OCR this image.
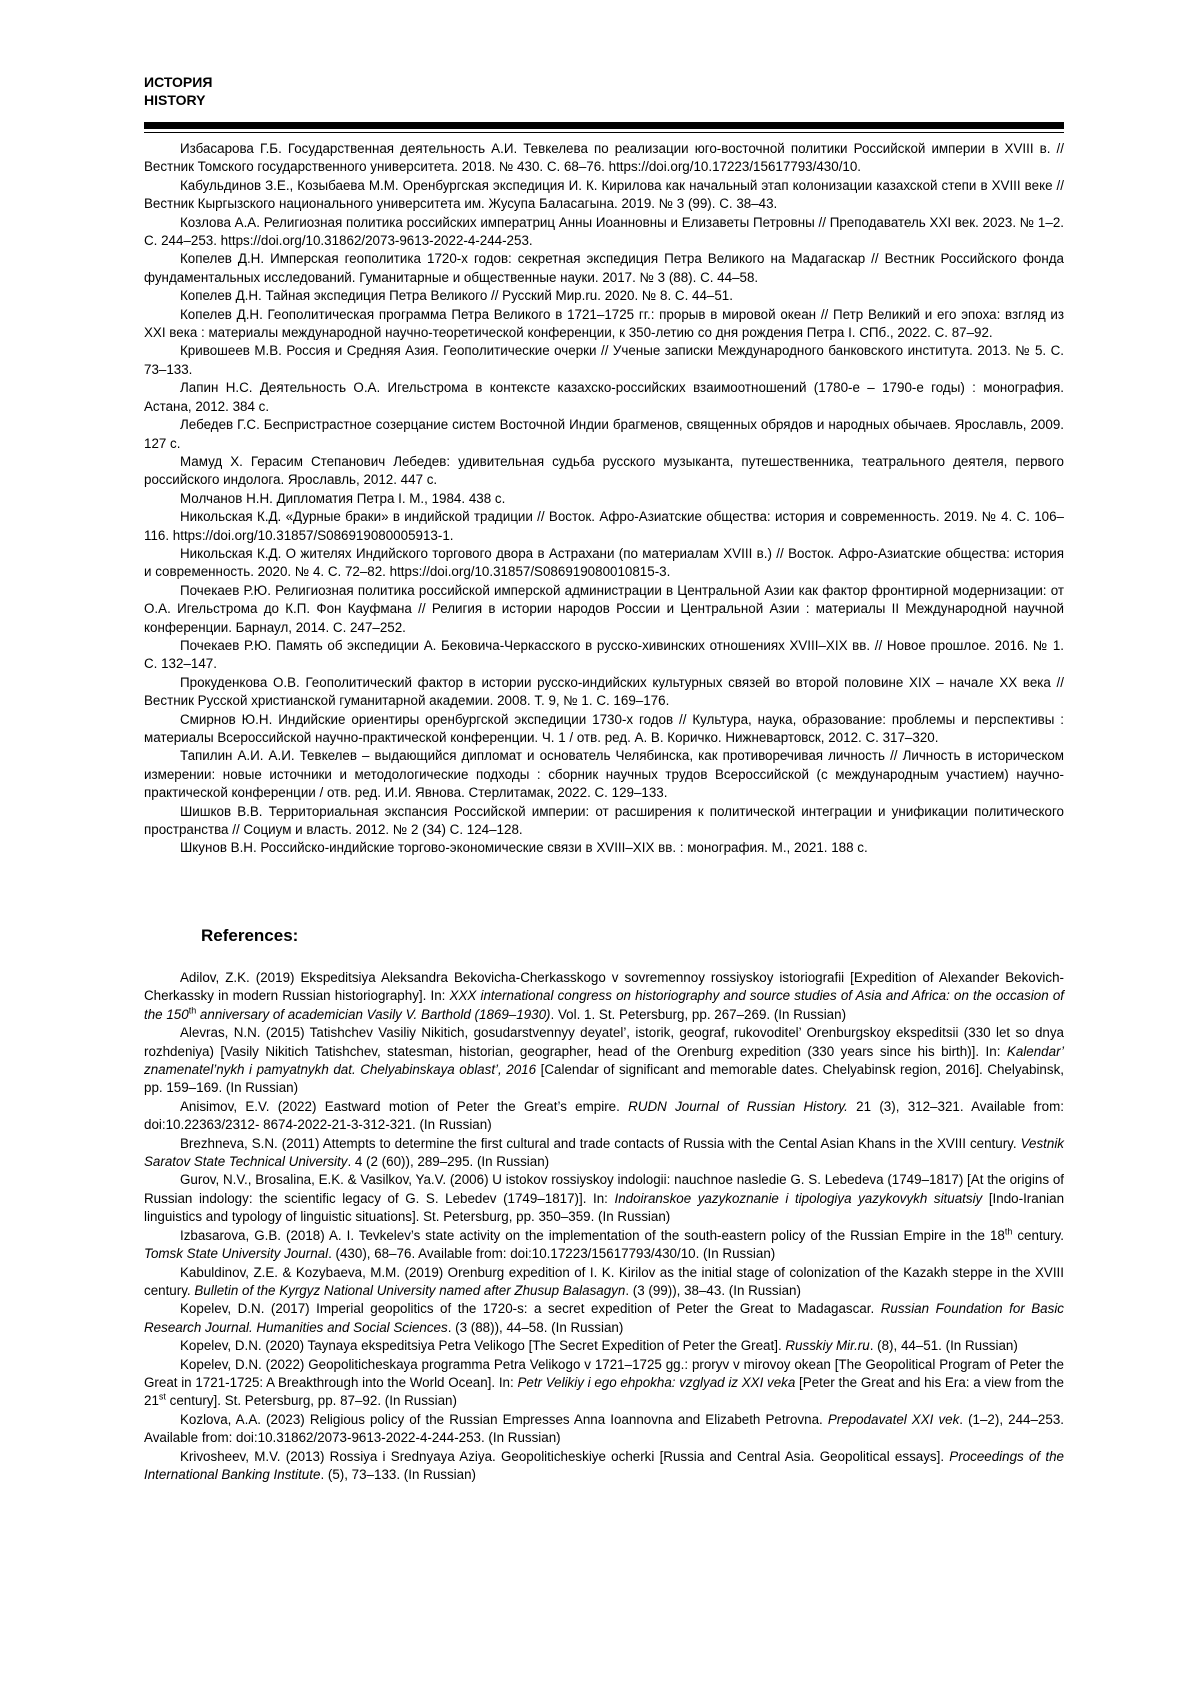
ИСТОРИЯ
HISTORY

Избасарова Г.Б. Государственная деятельность А.И. Тевкелева по реализации юго-восточной политики Российской империи в XVIII в. // Вестник Томского государственного университета. 2018. № 430. С. 68–76. https://doi.org/10.17223/15617793/430/10.

Кабульдинов З.Е., Козыбаева М.М. Оренбургская экспедиция И. К. Кирилова как начальный этап колонизации казахской степи в XVIII веке // Вестник Кыргызского национального университета им. Жусупа Баласагына. 2019. № 3 (99). С. 38–43.

Козлова А.А. Религиозная политика российских императриц Анны Иоанновны и Елизаветы Петровны // Преподаватель XXI век. 2023. № 1–2. С. 244–253. https://doi.org/10.31862/2073-9613-2022-4-244-253.

Копелев Д.Н. Имперская геополитика 1720-х годов: секретная экспедиция Петра Великого на Мадагаскар // Вестник Российского фонда фундаментальных исследований. Гуманитарные и общественные науки. 2017. № 3 (88). С. 44–58.

Копелев Д.Н. Тайная экспедиция Петра Великого // Русский Мир.ru. 2020. № 8. С. 44–51.

Копелев Д.Н. Геополитическая программа Петра Великого в 1721–1725 гг.: прорыв в мировой океан // Петр Великий и его эпоха: взгляд из XXI века : материалы международной научно-теоретической конференции, к 350-летию со дня рождения Петра I. СПб., 2022. С. 87–92.

Кривошеев М.В. Россия и Средняя Азия. Геополитические очерки // Ученые записки Международного банковского института. 2013. № 5. С. 73–133.

Лапин Н.С. Деятельность О.А. Игельстрома в контексте казахско-российских взаимоотношений (1780-е – 1790-е годы) : монография. Астана, 2012. 384 с.

Лебедев Г.С. Беспристрастное созерцание систем Восточной Индии брагменов, священных обрядов и народных обычаев. Ярославль, 2009. 127 с.

Мамуд Х. Герасим Степанович Лебедев: удивительная судьба русского музыканта, путешественника, театрального деятеля, первого российского индолога. Ярославль, 2012. 447 с.

Молчанов Н.Н. Дипломатия Петра I. М., 1984. 438 с.

Никольская К.Д. «Дурные браки» в индийской традиции // Восток. Афро-Азиатские общества: история и современность. 2019. № 4. С. 106–116. https://doi.org/10.31857/S086919080005913-1.

Никольская К.Д. О жителях Индийского торгового двора в Астрахани (по материалам XVIII в.) // Восток. Афро-Азиатские общества: история и современность. 2020. № 4. С. 72–82. https://doi.org/10.31857/S086919080010815-3.

Почекаев Р.Ю. Религиозная политика российской имперской администрации в Центральной Азии как фактор фронтирной модернизации: от О.А. Игельстрома до К.П. Фон Кауфмана // Религия в истории народов России и Центральной Азии : материалы II Международной научной конференции. Барнаул, 2014. С. 247–252.

Почекаев Р.Ю. Память об экспедиции А. Бековича-Черкасского в русско-хивинских отношениях XVIII–XIX вв. // Новое прошлое. 2016. № 1. С. 132–147.

Прокуденкова О.В. Геополитический фактор в истории русско-индийских культурных связей во второй половине XIX – начале XX века // Вестник Русской христианской гуманитарной академии. 2008. Т. 9, № 1. С. 169–176.

Смирнов Ю.Н. Индийские ориентиры оренбургской экспедиции 1730-х годов // Культура, наука, образование: проблемы и перспективы : материалы Всероссийской научно-практической конференции. Ч. 1 / отв. ред. А. В. Коричко. Нижневартовск, 2012. С. 317–320.

Тапилин А.И. А.И. Тевкелев – выдающийся дипломат и основатель Челябинска, как противоречивая личность // Личность в историческом измерении: новые источники и методологические подходы : сборник научных трудов Всероссийской (с международным участием) научно-практической конференции / отв. ред. И.И. Явнова. Стерлитамак, 2022. С. 129–133.

Шишков В.В. Территориальная экспансия Российской империи: от расширения к политической интеграции и унификации политического пространства // Социум и власть. 2012. № 2 (34) С. 124–128.

Шкунов В.Н. Российско-индийские торгово-экономические связи в XVIII–XIX вв. : монография. М., 2021. 188 с.

References:

Adilov, Z.K. (2019) Ekspeditsiya Aleksandra Bekovicha-Cherkasskogo v sovremennoy rossiyskoy istoriografii [Expedition of Alexander Bekovich-Cherkassky in modern Russian historiography]. In: XXX international congress on historiography and source studies of Asia and Africa: on the occasion of the 150th anniversary of academician Vasily V. Barthold (1869–1930). Vol. 1. St. Petersburg, pp. 267–269. (In Russian)

Alevras, N.N. (2015) Tatishchev Vasiliy Nikitich, gosudarstvennyy deyatel’, istorik, geograf, rukovoditel’ Orenburgskoy ekspeditsii (330 let so dnya rozhdeniya) [Vasily Nikitich Tatishchev, statesman, historian, geographer, head of the Orenburg expedition (330 years since his birth)]. In: Kalendar’ znamenatel’nykh i pamyatnykh dat. Chelyabinskaya oblast’, 2016 [Calendar of significant and memorable dates. Chelyabinsk region, 2016]. Chelyabinsk, pp. 159–169. (In Russian)

Anisimov, E.V. (2022) Eastward motion of Peter the Great’s empire. RUDN Journal of Russian History. 21 (3), 312–321. Available from: doi:10.22363/2312- 8674-2022-21-3-312-321. (In Russian)

Brezhneva, S.N. (2011) Attempts to determine the first cultural and trade contacts of Russia with the Cental Asian Khans in the XVIII century. Vestnik Saratov State Technical University. 4 (2 (60)), 289–295. (In Russian)

Gurov, N.V., Brosalina, E.K. & Vasilkov, Ya.V. (2006) U istokov rossiyskoy indologii: nauchnoe nasledie G. S. Lebedeva (1749–1817) [At the origins of Russian indology: the scientific legacy of G. S. Lebedev (1749–1817)]. In: Indoiranskoe yazykoznanie i tipologiya yazykovykh situatsiy [Indo-Iranian linguistics and typology of linguistic situations]. St. Petersburg, pp. 350–359. (In Russian)

Izbasarova, G.B. (2018) A. I. Tevkelev’s state activity on the implementation of the south-eastern policy of the Russian Empire in the 18th century. Tomsk State University Journal. (430), 68–76. Available from: doi:10.17223/15617793/430/10. (In Russian)

Kabuldinov, Z.E. & Kozybaeva, M.M. (2019) Orenburg expedition of I. K. Kirilov as the initial stage of colonization of the Kazakh steppe in the XVIII century. Bulletin of the Kyrgyz National University named after Zhusup Balasagyn. (3 (99)), 38–43. (In Russian)

Kopelev, D.N. (2017) Imperial geopolitics of the 1720-s: a secret expedition of Peter the Great to Madagascar. Russian Foundation for Basic Research Journal. Humanities and Social Sciences. (3 (88)), 44–58. (In Russian)

Kopelev, D.N. (2020) Taynaya ekspeditsiya Petra Velikogo [The Secret Expedition of Peter the Great]. Russkiy Mir.ru. (8), 44–51. (In Russian)

Kopelev, D.N. (2022) Geopoliticheskaya programma Petra Velikogo v 1721–1725 gg.: proryv v mirovoy okean [The Geopolitical Program of Peter the Great in 1721-1725: A Breakthrough into the World Ocean]. In: Petr Velikiy i ego ehpokha: vzglyad iz XXI veka [Peter the Great and his Era: a view from the 21st century]. St. Petersburg, pp. 87–92. (In Russian)

Kozlova, A.A. (2023) Religious policy of the Russian Empresses Anna Ioannovna and Elizabeth Petrovna. Prepodavatel XXI vek. (1–2), 244–253. Available from: doi:10.31862/2073-9613-2022-4-244-253. (In Russian)

Krivosheev, M.V. (2013) Rossiya i Srednyaya Aziya. Geopoliticheskiye ocherki [Russia and Central Asia. Geopolitical essays]. Proceedings of the International Banking Institute. (5), 73–133. (In Russian)
